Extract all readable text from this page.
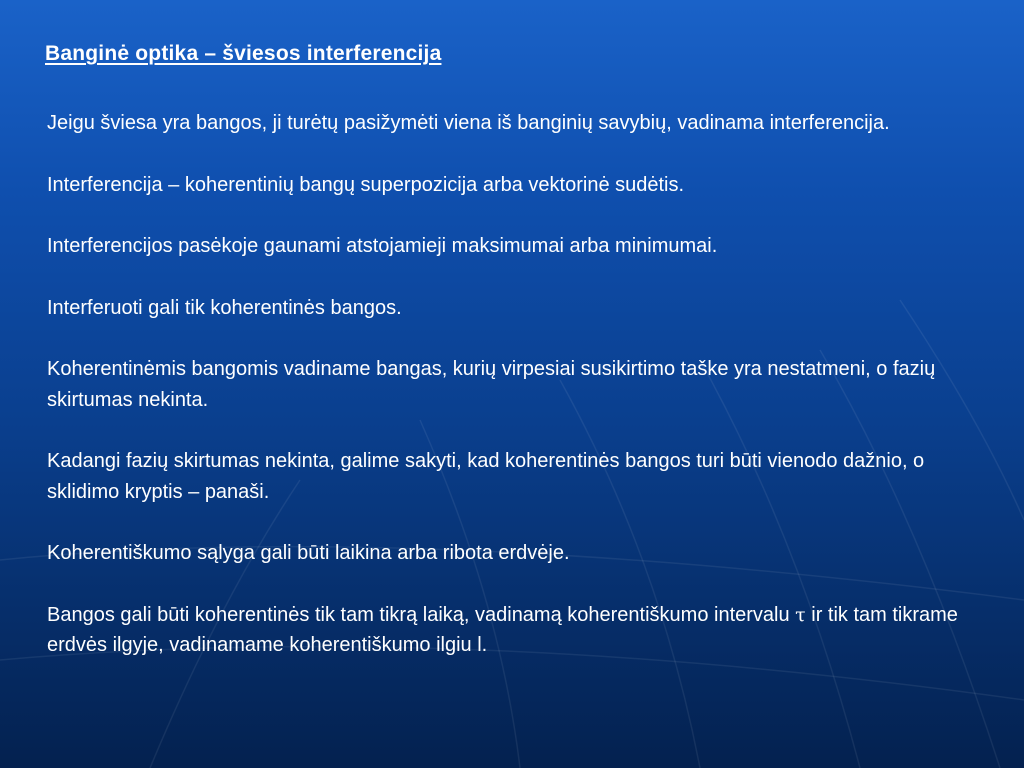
Banginė optika – šviesos interferencija

Jeigu šviesa yra bangos, ji turėtų pasižymėti viena iš banginių savybių, vadinama interferencija.

Interferencija – koherentinių bangų superpozicija arba vektorinė sudėtis.

Interferencijos pasėkoje gaunami atstojamieji maksimumai arba minimumai.

Interferuoti gali tik koherentinės bangos.

Koherentinėmis bangomis vadiname bangas, kurių virpesiai susikirtimo taške yra nestatmeni, o fazių skirtumas nekinta.

Kadangi fazių skirtumas nekinta, galime sakyti, kad koherentinės bangos turi būti vienodo dažnio, o sklidimo kryptis – panaši.

Koherentiškumo sąlyga gali būti laikina arba ribota erdvėje.

Bangos gali būti koherentinės tik tam tikrą laiką, vadinamą koherentiškumo intervalu τ ir tik tam tikrame erdvės ilgyje, vadinamame koherentiškumo ilgiu l.
